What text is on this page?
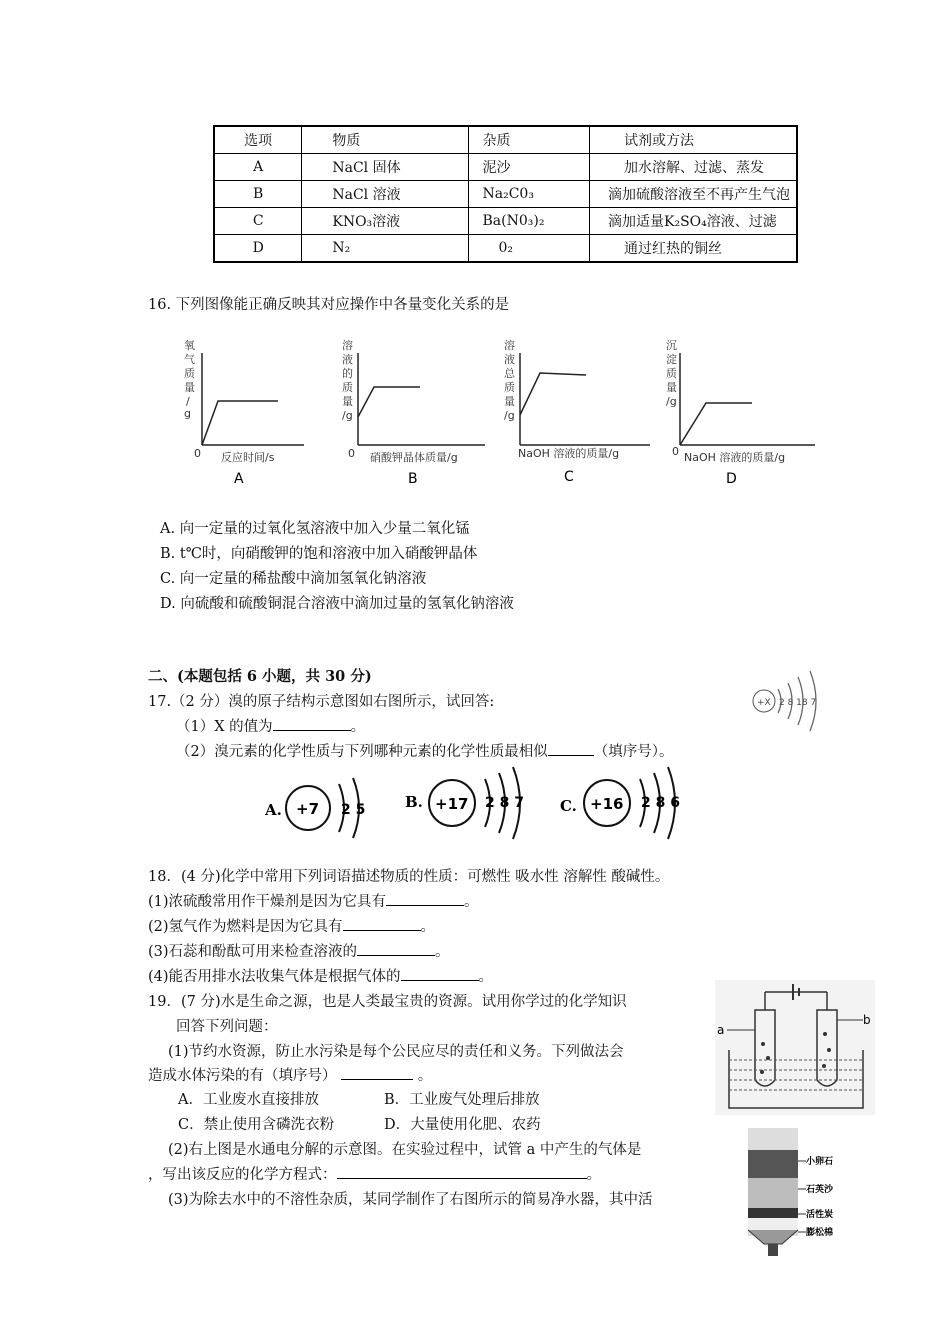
选项	物质	杂质	试剂或方法
A	NaCl 固体	泥沙	加水溶解、过滤、蒸发
B	NaCl 溶液	Na₂C0₃	滴加硫酸溶液至不再产生气泡
C	KNO₃溶液	Ba(N0₃)₂	滴加适量K₂SO₄溶液、过滤
D	N₂	0₂	通过红热的铜丝
16. 下列图像能正确反映其对应操作中各量变化关系的是
氧
气
质
量
/
g
0 反应时间/s
A
溶
液
的
质
量
/g
0 硝酸钾晶体质量/g
B
溶
液
总
质
量
/g
NaOH 溶液的质量/g
C
沉
淀
质
量
/g
0 NaOH 溶液的质量/g
D
A. 向一定量的过氧化氢溶液中加入少量二氧化锰
B. t℃时，向硝酸钾的饱和溶液中加入硝酸钾晶体
C. 向一定量的稀盐酸中滴加氢氧化钠溶液
D. 向硫酸和硫酸铜混合溶液中滴加过量的氢氧化钠溶液
二、(本题包括 6 小题，共 30 分)
+X 2 8 18 7
17.（2 分）溴的原子结构示意图如右图所示，试回答:
（1）X 的值为	。
（2）溴元素的化学性质与下列哪种元素的化学性质最相似	（填序号）。
A. +7 2 5	B. +17 2 8 7 C. +16 2 8 6
18．(4 分)化学中常用下列词语描述物质的性质：可燃性 吸水性 溶解性 酸碱性。
(1)浓硫酸常用作干燥剂是因为它具有	。
(2)氢气作为燃料是因为它具有	。
(3)石蕊和酚酞可用来检查溶液的	。
(4)能否用排水法收集气体是根据气体的	。
19．(7 分)水是生命之源，也是人类最宝贵的资源。试用你学过的化学知识
回答下列问题：
(1)节约水资源，防止水污染是每个公民应尽的责任和义务。下列做法会
造成水体污染的有（填序号）	。
A．工业废水直接排放	B．工业废气处理后排放
C．禁止使用含磷洗衣粉	D．大量使用化肥、农药
(2)右上图是水通电分解的示意图。在实验过程中，试管 a 中产生的气体是
，写出该反应的化学方程式：	。
(3)为除去水中的不溶性杂质，某同学制作了右图所示的简易净水器，其中活
a
b
小卵石
石英沙
活性炭
膨松棉
